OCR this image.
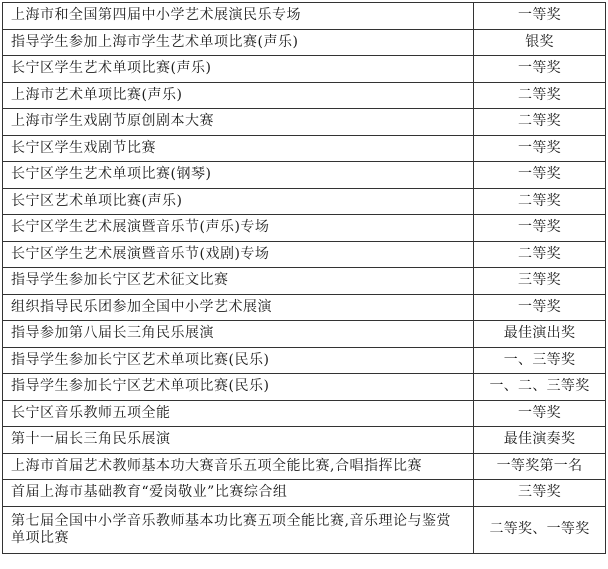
上海市和全国第四届中小学艺术展演民乐专场	一等奖
指导学生参加上海市学生艺术单项比赛(声乐)	银奖
长宁区学生艺术单项比赛(声乐)	一等奖
上海市艺术单项比赛(声乐)	二等奖
上海市学生戏剧节原创剧本大赛	二等奖
长宁区学生戏剧节比赛	一等奖
长宁区学生艺术单项比赛(钢琴)	一等奖
长宁区艺术单项比赛(声乐)	二等奖
长宁区学生艺术展演暨音乐节(声乐)专场	一等奖
长宁区学生艺术展演暨音乐节(戏剧)专场	二等奖
指导学生参加长宁区艺术征文比赛	三等奖
组织指导民乐团参加全国中小学艺术展演	一等奖
指导参加第八届长三角民乐展演	最佳演出奖
指导学生参加长宁区艺术单项比赛(民乐)	一、三等奖
指导学生参加长宁区艺术单项比赛(民乐)	一、二、三等奖
长宁区音乐教师五项全能	一等奖
第十一届长三角民乐展演	最佳演奏奖
上海市首届艺术教师基本功大赛音乐五项全能比赛,合唱指挥比赛	一等奖第一名
首届上海市基础教育“爱岗敬业”比赛综合组	三等奖
第七届全国中小学音乐教师基本功比赛五项全能比赛,音乐理论与鉴赏单项比赛	二等奖、一等奖
